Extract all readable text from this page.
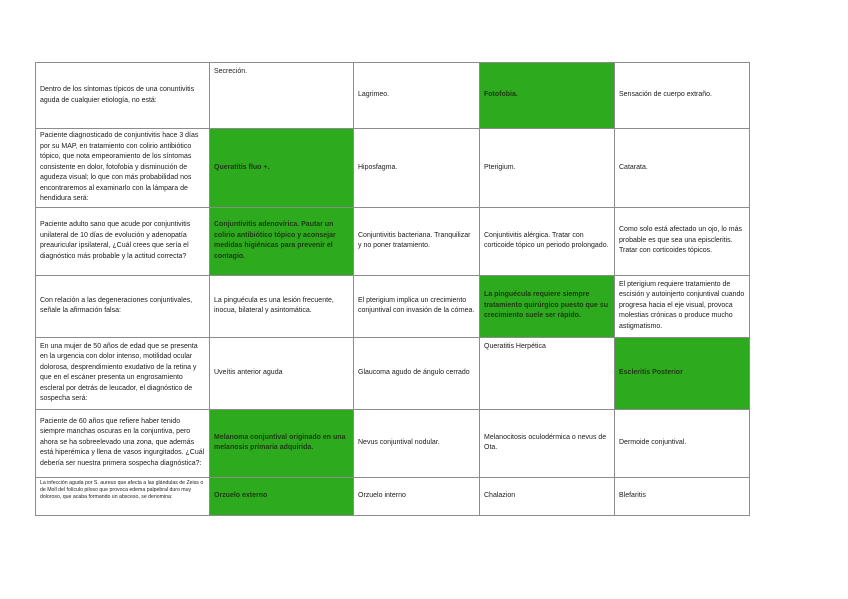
Dentro de los síntomas típicos de una conuntivitis aguda de cualquier etiología, no está:	Secreción.	Lagrimeo.	Fotofobia.	Sensación de cuerpo extraño.
Paciente diagnosticado de conjuntivitis hace 3 días por su MAP, en tratamiento con colirio antibiótico tópico, que nota empeoramiento de los síntomas consistente en dolor, fotofobia y disminución de agudeza visual; lo que con más probabilidad nos encontraremos al examinarlo con la lámpara de hendidura será:	Queratitis fluo +.	Hiposfagma.	Pterigium.	Catarata.
Paciente adulto sano que acude por conjuntivitis unilateral de 10 días de evolución y adenopatía preauricular ipsilateral, ¿Cuál crees que sería el diagnóstico más probable y la actitud correcta?	Conjuntivitis adenovírica. Pautar un colirio antibiótico tópico y aconsejar medidas higiénicas para prevenir el contagio.	Conjuntivitis bacteriana. Tranquilizar y no poner tratamiento.	Conjuntivitis alérgica. Tratar con corticoide tópico un periodo prolongado.	Como solo está afectado un ojo, lo más probable es que sea una episcleritis. Tratar con corticoides tópicos.
Con relación a las degeneraciones conjuntivales, señale la afirmación falsa:	La pinguécula es una lesión frecuente, inocua, bilateral y asintomática.	El pterigium implica un crecimiento conjuntival con invasión de la córnea.	La pinguécula requiere siempre tratamiento quirúrgico puesto que su crecimiento suele ser rápido.	El pterigium requiere tratamiento de escisión y autoinjerto conjuntival cuando progresa hacia el eje visual, provoca molestias crónicas o produce mucho astigmatismo.
En una mujer de 50 años de edad que se presenta en la urgencia con dolor intenso, motilidad ocular dolorosa, desprendimiento exudativo de la retina y que en el escáner presenta un engrosamiento escleral por detrás de leucador, el diagnóstico de sospecha será:	Uveítis anterior aguda	Glaucoma agudo de ángulo cerrado	Queratitis Herpética	Escleritis Posterior
Paciente de 60 años que refiere haber tenido siempre manchas oscuras en la conjuntiva, pero ahora se ha sobreelevado una zona, que además está hiperémica y llena de vasos ingurgitados. ¿Cuál debería ser nuestra primera sospecha diagnóstica?:	Melanoma conjuntival originado en una melanosis primaria adquirida.	Nevus conjuntival nodular.	Melanocitosis oculodérmica o nevus de Ota.	Dermoide conjuntival.
La infección aguda por S. aureus que afecta a las glándulas de Zeiss o de Moll del folículo piloso que provoca edema palpebral duro muy doloroso, que acaba formando un absceso, se denomina:	Orzuelo externo	Orzuelo interno	Chalazion	Blefaritis
